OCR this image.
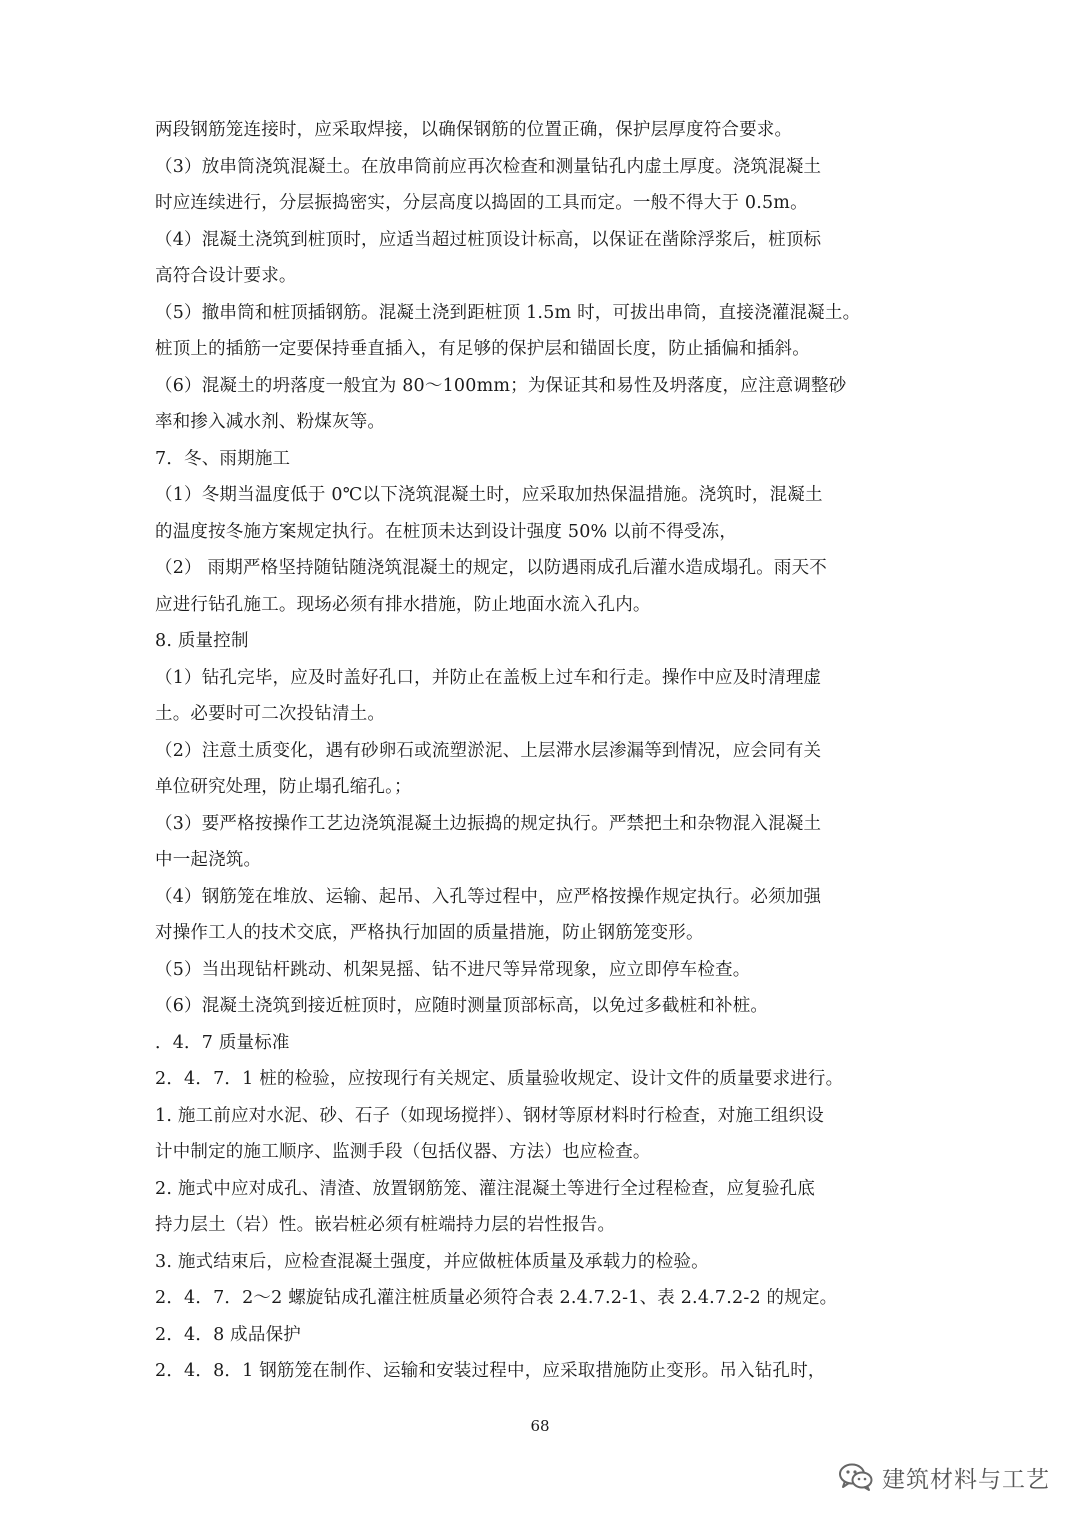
两段钢筋笼连接时，应采取焊接，以确保钢筋的位置正确，保护层厚度符合要求。
（3）放串筒浇筑混凝土。在放串筒前应再次检查和测量钻孔内虚土厚度。浇筑混凝土
时应连续进行，分层振捣密实，分层高度以捣固的工具而定。一般不得大于 0.5m。
（4）混凝土浇筑到桩顶时，应适当超过桩顶设计标高，以保证在凿除浮浆后，桩顶标
高符合设计要求。
（5）撤串筒和桩顶插钢筋。混凝土浇到距桩顶 1.5m 时，可拔出串筒，直接浇灌混凝土。
桩顶上的插筋一定要保持垂直插入，有足够的保护层和锚固长度，防止插偏和插斜。
（6）混凝土的坍落度一般宜为 80～100mm；为保证其和易性及坍落度，应注意调整砂
率和掺入减水剂、粉煤灰等。
7．冬、雨期施工
（1）冬期当温度低于 0℃以下浇筑混凝土时，应采取加热保温措施。浇筑时，混凝土
的温度按冬施方案规定执行。在桩顶未达到设计强度 50% 以前不得受冻，
（2） 雨期严格坚持随钻随浇筑混凝土的规定，以防遇雨成孔后灌水造成塌孔。雨天不
应进行钻孔施工。现场必须有排水措施，防止地面水流入孔内。
8. 质量控制
（1）钻孔完毕，应及时盖好孔口，并防止在盖板上过车和行走。操作中应及时清理虚
土。必要时可二次投钻清土。
（2）注意土质变化，遇有砂卵石或流塑淤泥、上层滞水层渗漏等到情况，应会同有关
单位研究处理，防止塌孔缩孔。；
（3）要严格按操作工艺边浇筑混凝土边振捣的规定执行。严禁把土和杂物混入混凝土
中一起浇筑。
（4）钢筋笼在堆放、运输、起吊、入孔等过程中，应严格按操作规定执行。必须加强
对操作工人的技术交底，严格执行加固的质量措施，防止钢筋笼变形。
（5）当出现钻杆跳动、机架晃摇、钻不进尺等异常现象，应立即停车检查。
（6）混凝土浇筑到接近桩顶时，应随时测量顶部标高，以免过多截桩和补桩。
．4．7 质量标准
2．4．7．1 桩的检验，应按现行有关规定、质量验收规定、设计文件的质量要求进行。
1. 施工前应对水泥、砂、石子（如现场搅拌）、钢材等原材料时行检查，对施工组织设
计中制定的施工顺序、监测手段（包括仪器、方法）也应检查。
2. 施式中应对成孔、清渣、放置钢筋笼、灌注混凝土等进行全过程检查，应复验孔底
持力层土（岩）性。嵌岩桩必须有桩端持力层的岩性报告。
3. 施式结束后，应检查混凝土强度，并应做桩体质量及承载力的检验。
2．4．7．2～2 螺旋钻成孔灌注桩质量必须符合表 2.4.7.2-1、表 2.4.7.2-2 的规定。
2．4．8 成品保护
2．4．8．1 钢筋笼在制作、运输和安装过程中，应采取措施防止变形。吊入钻孔时，
68
建筑材料与工艺
